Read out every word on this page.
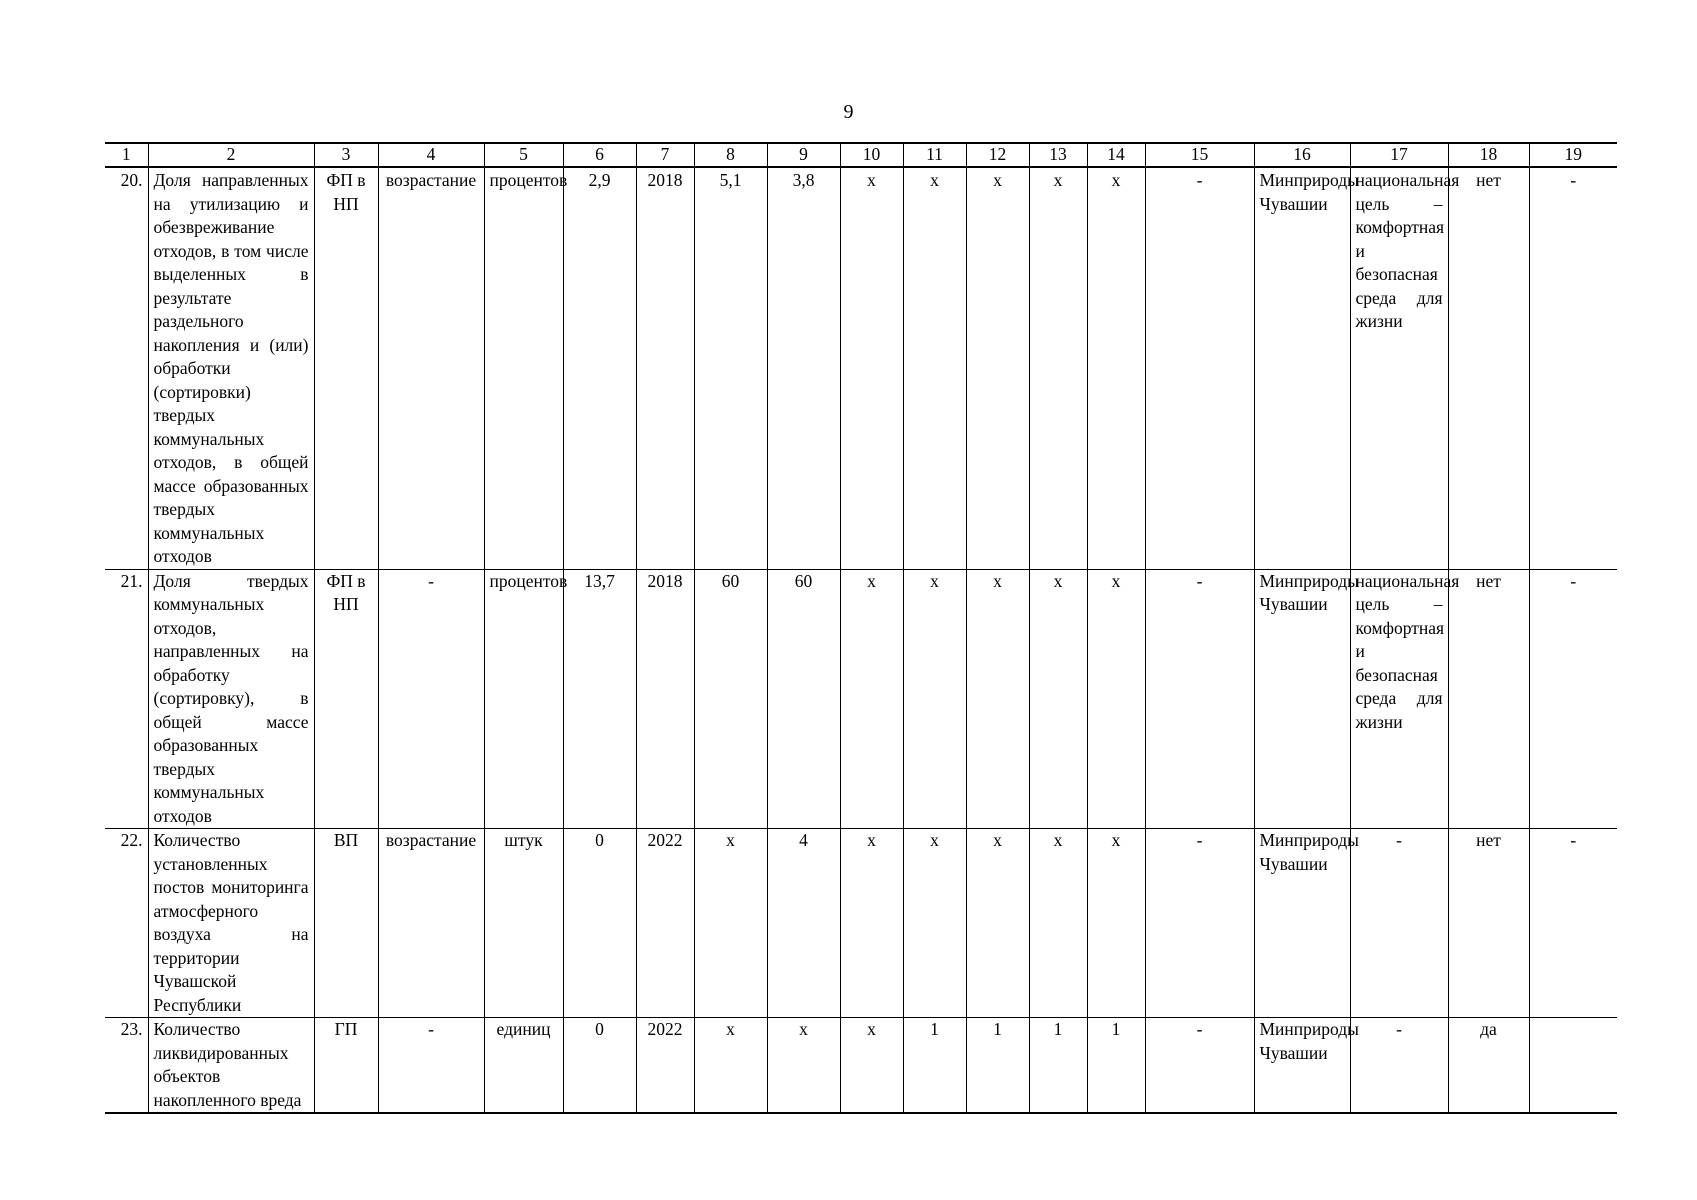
9
1	2	3	4	5	6	7	8	9	10	11	12	13	14	15	16	17	18	19
20.	Доля направленных на утилизацию и обезвреживание отходов, в том числе выделенных в результате раздельного накопления и (или) обработки (сортировки) твердых коммунальных отходов, в общей массе образованных твердых коммунальных отходов	ФП в НП	возрастание	процентов	2,9	2018	5,1	3,8	х	х	х	х	х	-	Минприроды Чувашии	национальная цель – комфортная и безопасная среда для жизни	нет	-
21.	Доля твердых коммунальных отходов, направленных на обработку (сортировку), в общей массе образованных твердых коммунальных отходов	ФП в НП	-	процентов	13,7	2018	60	60	х	х	х	х	х	-	Минприроды Чувашии	национальная цель – комфортная и безопасная среда для жизни	нет	-
22.	Количество установленных постов мониторинга атмосферного воздуха на территории Чувашской Республики	ВП	возрастание	штук	0	2022	х	4	х	х	х	х	х	-	Минприроды Чувашии	-	нет	-
23.	Количество ликвидированных объектов накопленного вреда	ГП	-	единиц	0	2022	х	х	х	1	1	1	1	-	Минприроды Чувашии	-	да	
